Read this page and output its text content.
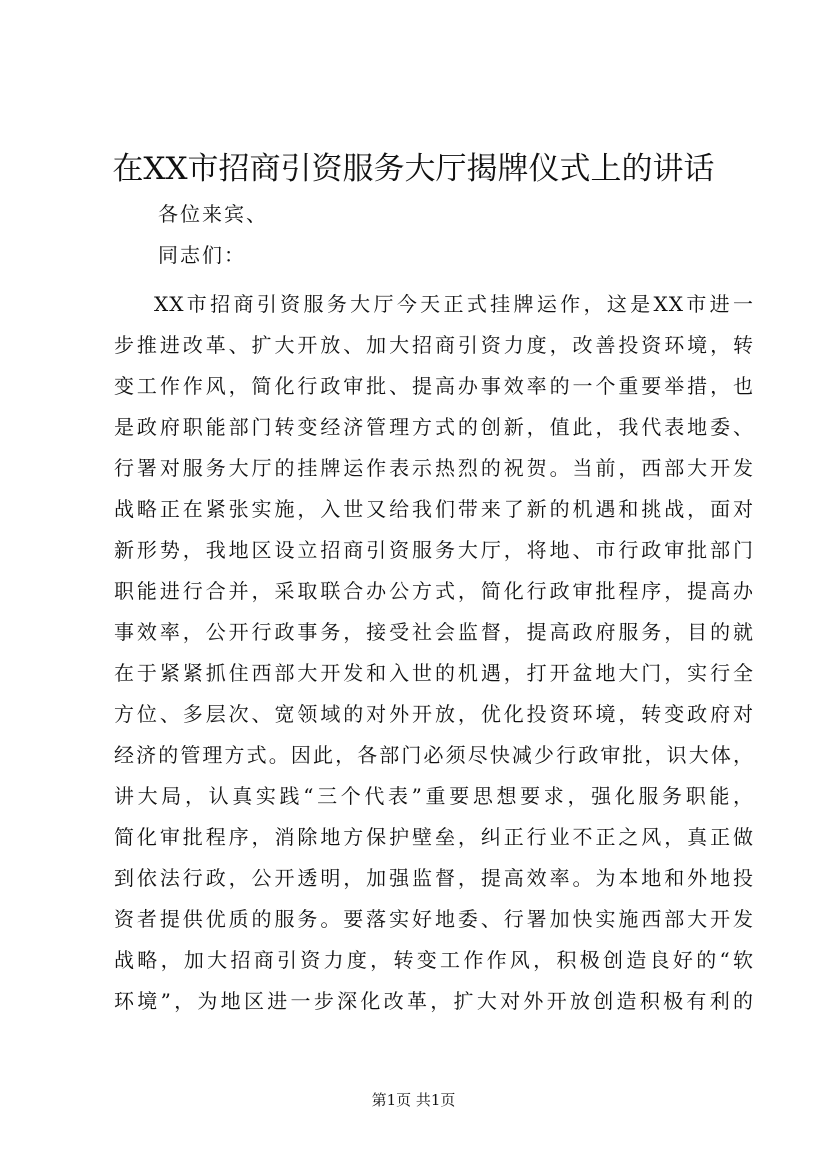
在XX市招商引资服务大厅揭牌仪式上的讲话
各位来宾、
同志们：
XX市招商引资服务大厅今天正式挂牌运作，这是XX市进一
步推进改革、扩大开放、加大招商引资力度，改善投资环境，转
变工作作风，简化行政审批、提高办事效率的一个重要举措，也
是政府职能部门转变经济管理方式的创新，值此，我代表地委、
行署对服务大厅的挂牌运作表示热烈的祝贺。当前，西部大开发
战略正在紧张实施，入世又给我们带来了新的机遇和挑战，面对
新形势，我地区设立招商引资服务大厅，将地、市行政审批部门
职能进行合并，采取联合办公方式，简化行政审批程序，提高办
事效率，公开行政事务，接受社会监督，提高政府服务，目的就
在于紧紧抓住西部大开发和入世的机遇，打开盆地大门，实行全
方位、多层次、宽领域的对外开放，优化投资环境，转变政府对
经济的管理方式。因此，各部门必须尽快减少行政审批，识大体，
讲大局，认真实践“三个代表”重要思想要求，强化服务职能，
简化审批程序，消除地方保护壁垒，纠正行业不正之风，真正做
到依法行政，公开透明，加强监督，提高效率。为本地和外地投
资者提供优质的服务。要落实好地委、行署加快实施西部大开发
战略，加大招商引资力度，转变工作作风，积极创造良好的“软
环境”，为地区进一步深化改革，扩大对外开放创造积极有利的
第1页 共1页
